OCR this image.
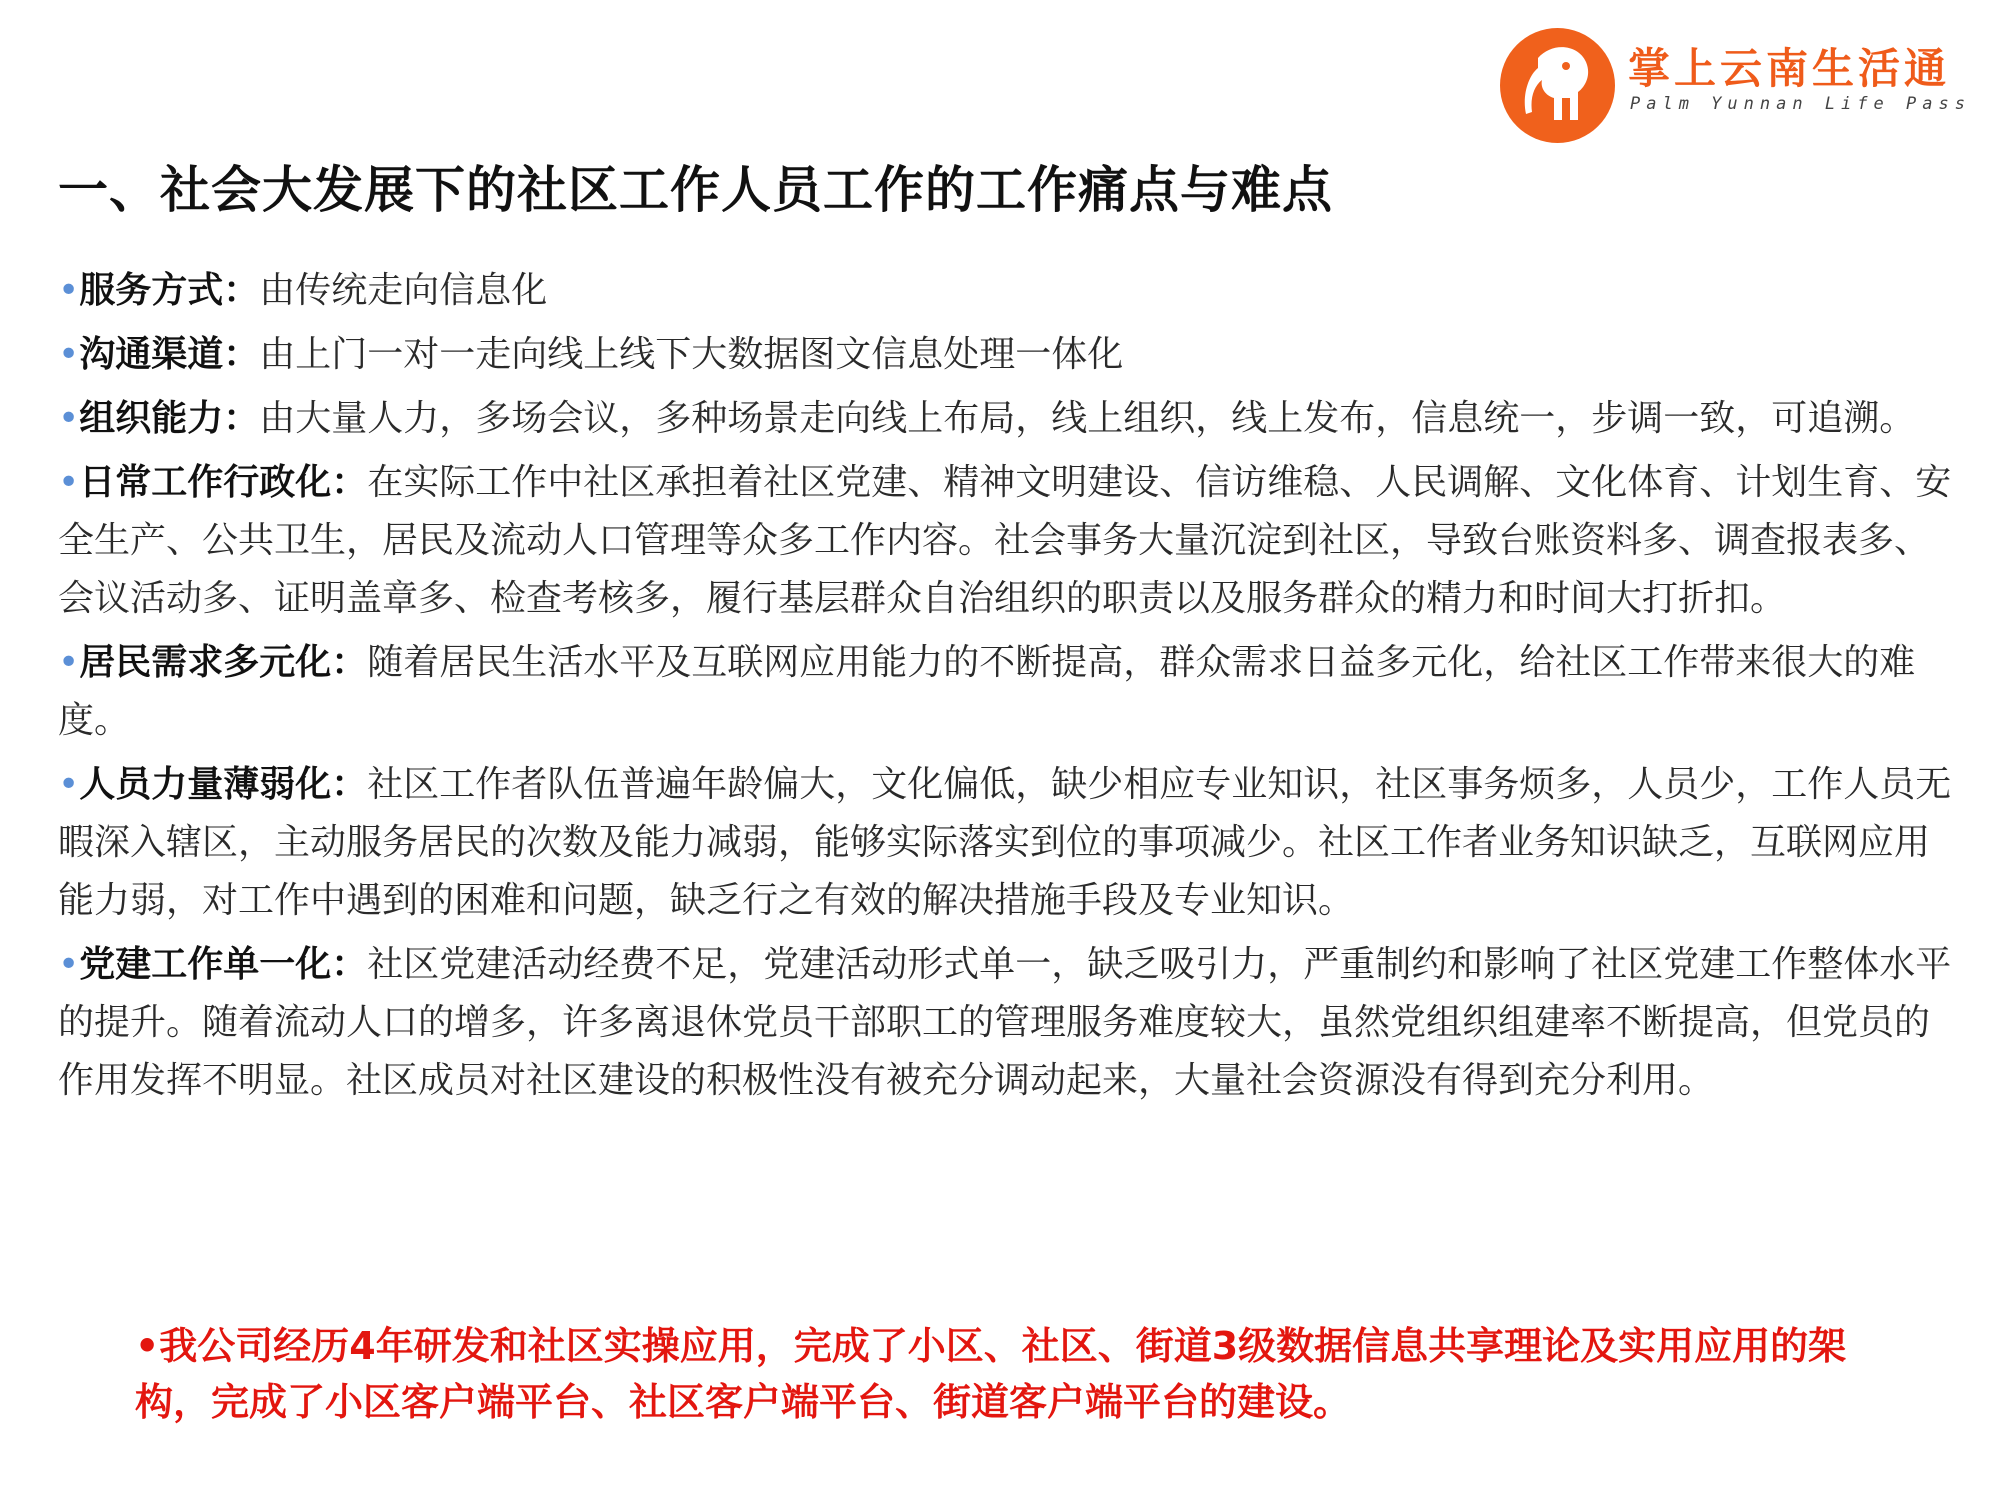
掌上云南生活通
Palm Yunnan Life Pass
一、社会大发展下的社区工作人员工作的工作痛点与难点

•服务方式：由传统走向信息化

•沟通渠道：由上门一对一走向线上线下大数据图文信息处理一体化

•组织能力：由大量人力，多场会议，多种场景走向线上布局，线上组织，线上发布，信息统一，步调一致，可追溯。

•日常工作行政化：在实际工作中社区承担着社区党建、精神文明建设、信访维稳、人民调解、文化体育、计划生育、安全生产、公共卫生，居民及流动人口管理等众多工作内容。社会事务大量沉淀到社区，导致台账资料多、调查报表多、会议活动多、证明盖章多、检查考核多，履行基层群众自治组织的职责以及服务群众的精力和时间大打折扣。

•居民需求多元化：随着居民生活水平及互联网应用能力的不断提高，群众需求日益多元化，给社区工作带来很大的难度。

•人员力量薄弱化：社区工作者队伍普遍年龄偏大，文化偏低，缺少相应专业知识，社区事务烦多，人员少，工作人员无暇深入辖区，主动服务居民的次数及能力减弱，能够实际落实到位的事项减少。社区工作者业务知识缺乏，互联网应用能力弱，对工作中遇到的困难和问题，缺乏行之有效的解决措施手段及专业知识。

•党建工作单一化：社区党建活动经费不足，党建活动形式单一，缺乏吸引力，严重制约和影响了社区党建工作整体水平的提升。随着流动人口的增多，许多离退休党员干部职工的管理服务难度较大，虽然党组织组建率不断提高，但党员的作用发挥不明显。社区成员对社区建设的积极性没有被充分调动起来，大量社会资源没有得到充分利用。

•我公司经历4年研发和社区实操应用，完成了小区、社区、街道3级数据信息共享理论及实用应用的架构，完成了小区客户端平台、社区客户端平台、街道客户端平台的建设。
